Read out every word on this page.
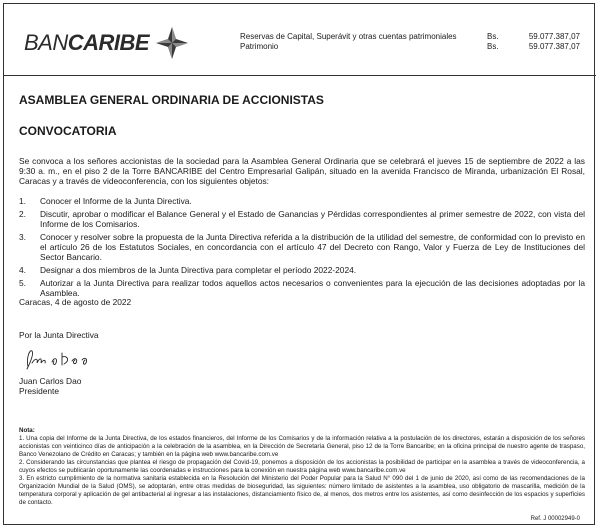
BANCARIBE	Reservas de Capital, Superávit y otras cuentas patrimoniales	Bs.	59.077.387,07
Patrimonio	Bs.	59.077.387,07
ASAMBLEA GENERAL ORDINARIA DE ACCIONISTAS
CONVOCATORIA
Se convoca a los señores accionistas de la sociedad para la Asamblea General Ordinaria que se celebrará el jueves 15 de septiembre de 2022 a las 9:30 a. m., en el piso 2 de la Torre BANCARIBE del Centro Empresarial Galipán, situado en la avenida Francisco de Miranda, urbanización El Rosal, Caracas y a través de videoconferencia, con los siguientes objetos:
1.	Conocer el Informe de la Junta Directiva.
2.	Discutir, aprobar o modificar el Balance General y el Estado de Ganancias y Pérdidas correspondientes al primer semestre de 2022, con vista del Informe de los Comisarios.
3.	Conocer y resolver sobre la propuesta de la Junta Directiva referida a la distribución de la utilidad del semestre, de conformidad con lo previsto en el artículo 26 de los Estatutos Sociales, en concordancia con el artículo 47 del Decreto con Rango, Valor y Fuerza de Ley de Instituciones del Sector Bancario.
4.	Designar a dos miembros de la Junta Directiva para completar el período 2022-2024.
5.	Autorizar a la Junta Directiva para realizar todos aquellos actos necesarios o convenientes para la ejecución de las decisiones adoptadas por la Asamblea.
Caracas, 4 de agosto de 2022
Por la Junta Directiva
Juan Carlos Dao
Presidente
Nota:
1. Una copia del Informe de la Junta Directiva, de los estados financieros, del Informe de los Comisarios y de la información relativa a la postulación de los directores, estarán a disposición de los señores accionistas con veinticinco días de anticipación a la celebración de la asamblea, en la Dirección de Secretaría General, piso 12 de la Torre Bancaribe; en la oficina principal de nuestro agente de traspaso, Banco Venezolano de Crédito en Caracas; y también en la página web www.bancaribe.com.ve
2. Considerando las circunstancias que plantea el riesgo de propagación del Covid-19, ponemos a disposición de los accionistas la posibilidad de participar en la asamblea a través de videoconferencia, a cuyos efectos se publicarán oportunamente las coordenadas e instrucciones para la conexión en nuestra página web www.bancaribe.com.ve
3. En estricto cumplimiento de la normativa sanitaria establecida en la Resolución del Ministerio del Poder Popular para la Salud N° 090 del 1 de junio de 2020, así como de las recomendaciones de la Organización Mundial de la Salud (OMS), se adoptarán, entre otras medidas de bioseguridad, las siguientes: número limitado de asistentes a la asamblea, uso obligatorio de mascarilla, medición de la temperatura corporal y aplicación de gel antibacterial al ingresar a las instalaciones, distanciamiento físico de, al menos, dos metros entre los asistentes, así como desinfección de los espacios y superficies de contacto.
Ref. J 00002949-0
